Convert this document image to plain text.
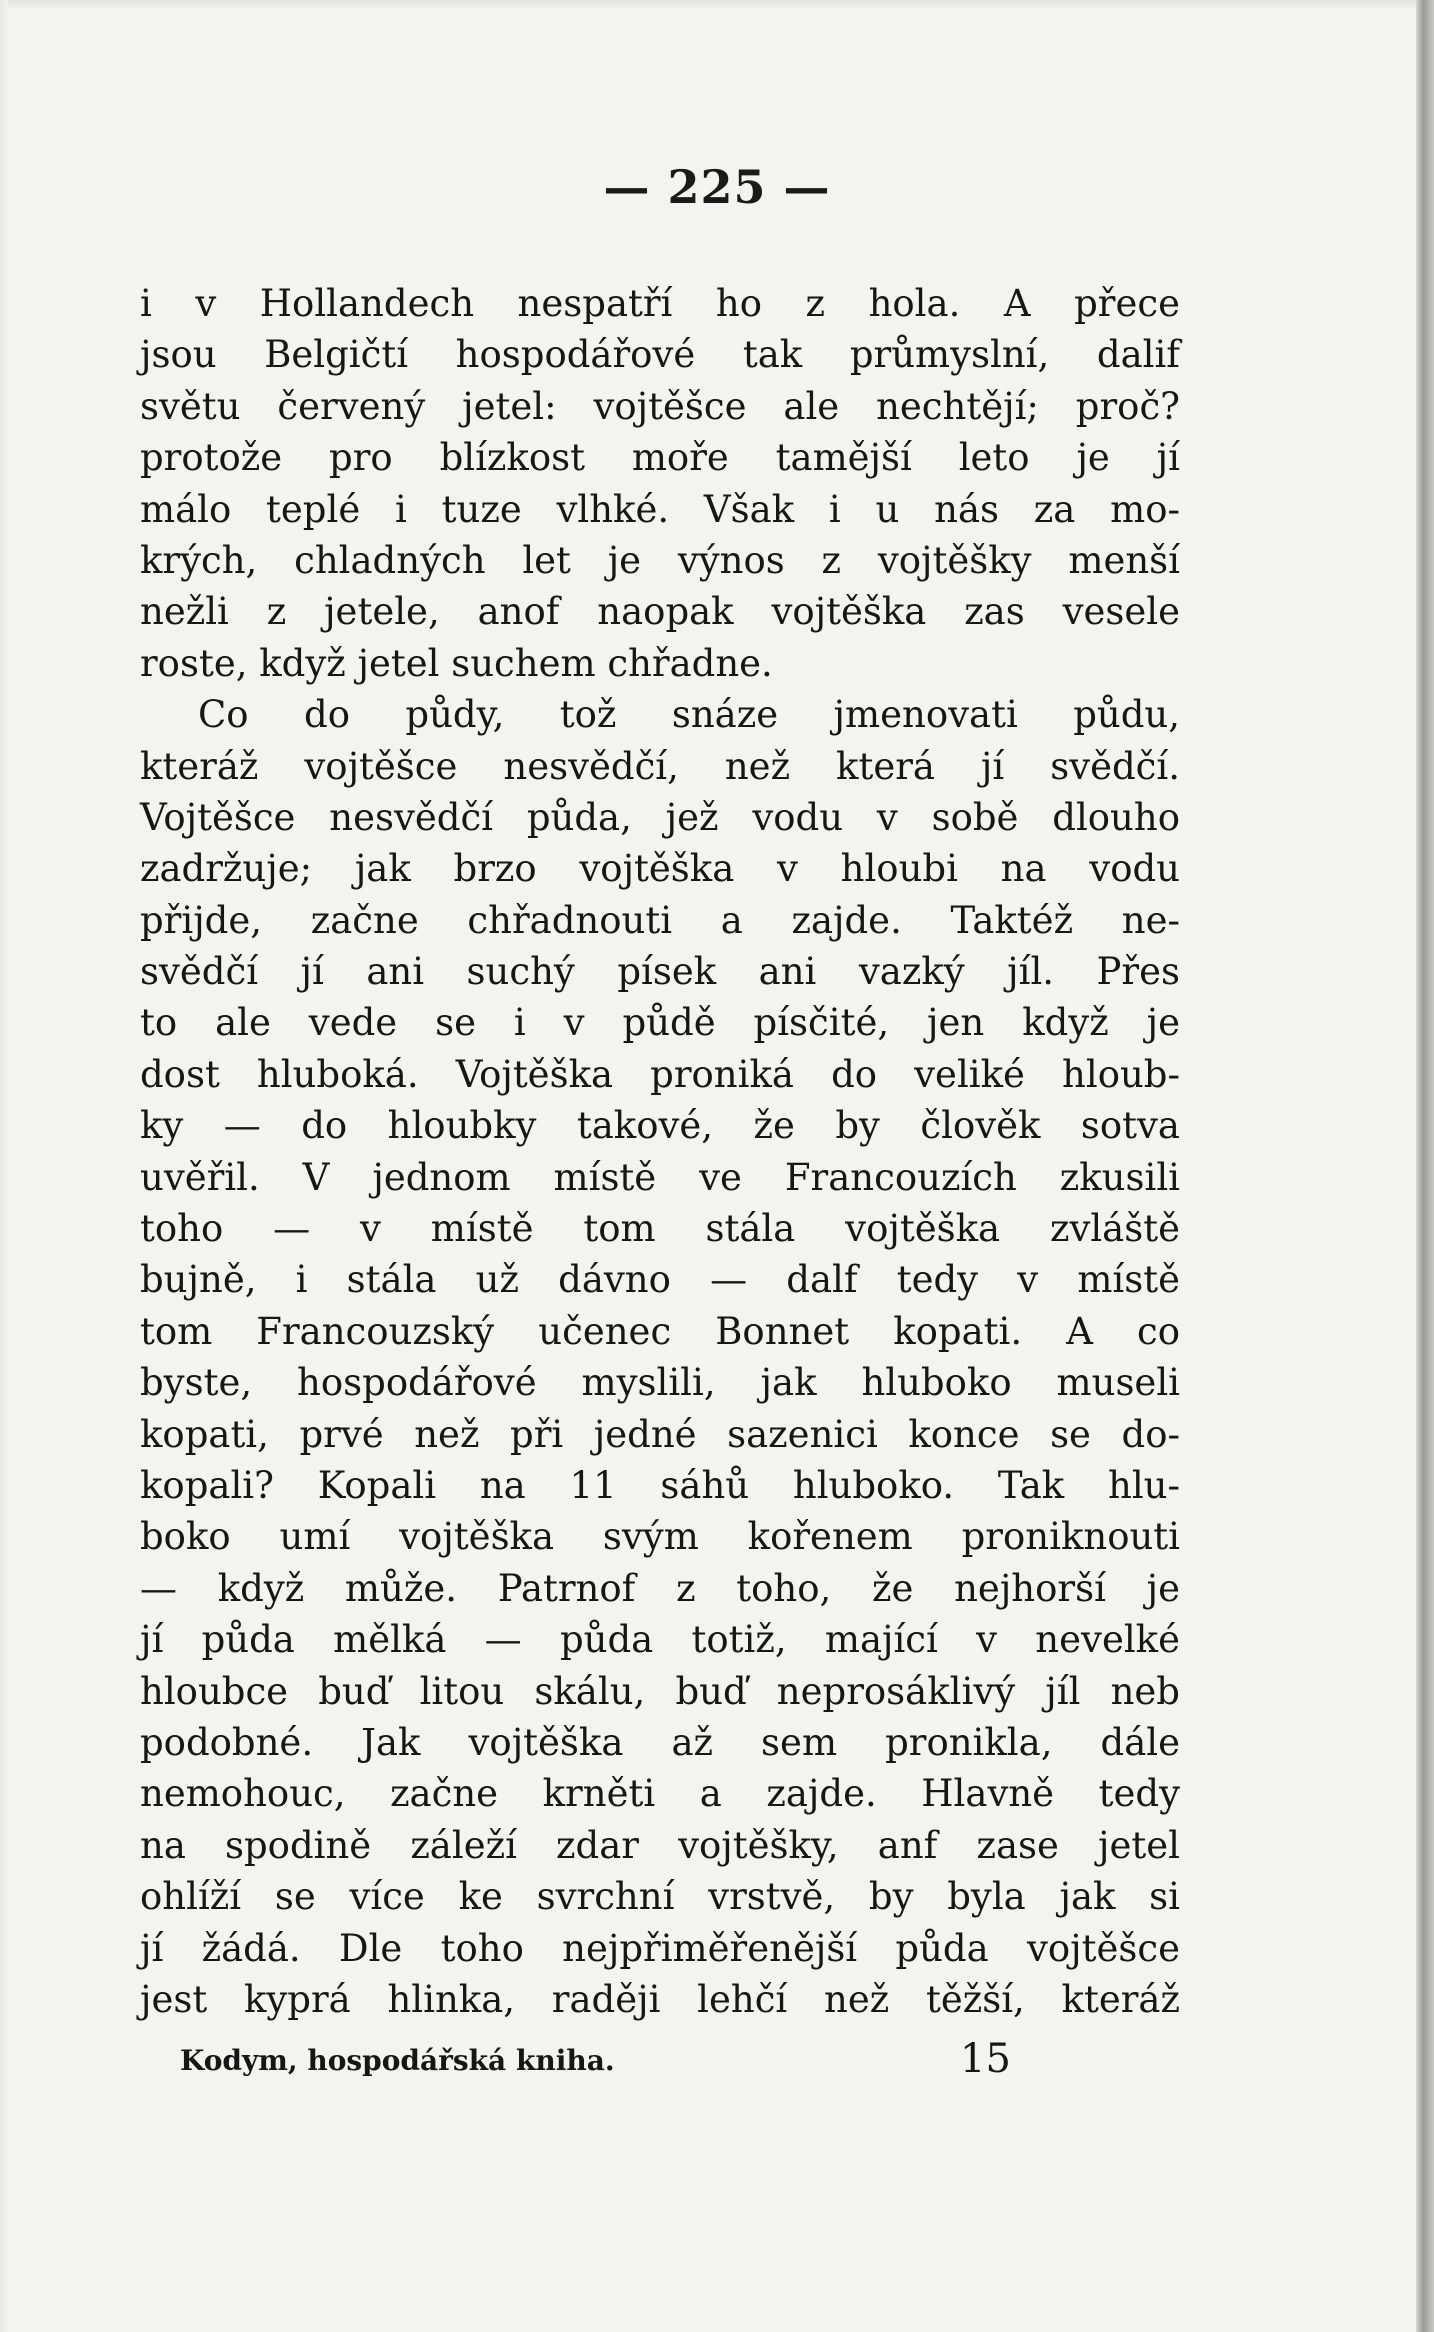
— 225 —
i v Hollandech nespatří ho z hola. A přece
jsou Belgičtí hospodářové tak průmyslní, dalif
světu červený jetel: vojtěšce ale nechtějí; proč?
protože pro blízkost moře tamější leto je jí
málo teplé i tuze vlhké. Však i u nás za mo-
krých, chladných let je výnos z vojtěšky menší
nežli z jetele, anof naopak vojtěška zas vesele
roste, když jetel suchem chřadne.
Co do půdy, tož snáze jmenovati půdu,
kteráž vojtěšce nesvědčí, než která jí svědčí.
Vojtěšce nesvědčí půda, jež vodu v sobě dlouho
zadržuje; jak brzo vojtěška v hloubi na vodu
přijde, začne chřadnouti a zajde. Taktéž ne-
svědčí jí ani suchý písek ani vazký jíl. Přes
to ale vede se i v půdě písčité, jen když je
dost hluboká. Vojtěška proniká do veliké hloub-
ky — do hloubky takové, že by člověk sotva
uvěřil. V jednom místě ve Francouzích zkusili
toho — v místě tom stála vojtěška zvláště
bujně, i stála už dávno — dalf tedy v místě
tom Francouzský učenec Bonnet kopati. A co
byste, hospodářové myslili, jak hluboko museli
kopati, prvé než při jedné sazenici konce se do-
kopali? Kopali na 11 sáhů hluboko. Tak hlu-
boko umí vojtěška svým kořenem proniknouti
— když může. Patrnof z toho, že nejhorší je
jí půda mělká — půda totiž, mající v nevelké
hloubce buď litou skálu, buď neprosáklivý jíl neb
podobné. Jak vojtěška až sem pronikla, dále
nemohouc, začne krněti a zajde. Hlavně tedy
na spodině záleží zdar vojtěšky, anf zase jetel
ohlíží se více ke svrchní vrstvě, by byla jak si
jí žádá. Dle toho nejpřiměřenější půda vojtěšce
jest kyprá hlinka, raději lehčí než těžší, kteráž
Kodym, hospodářská kniha.	15
